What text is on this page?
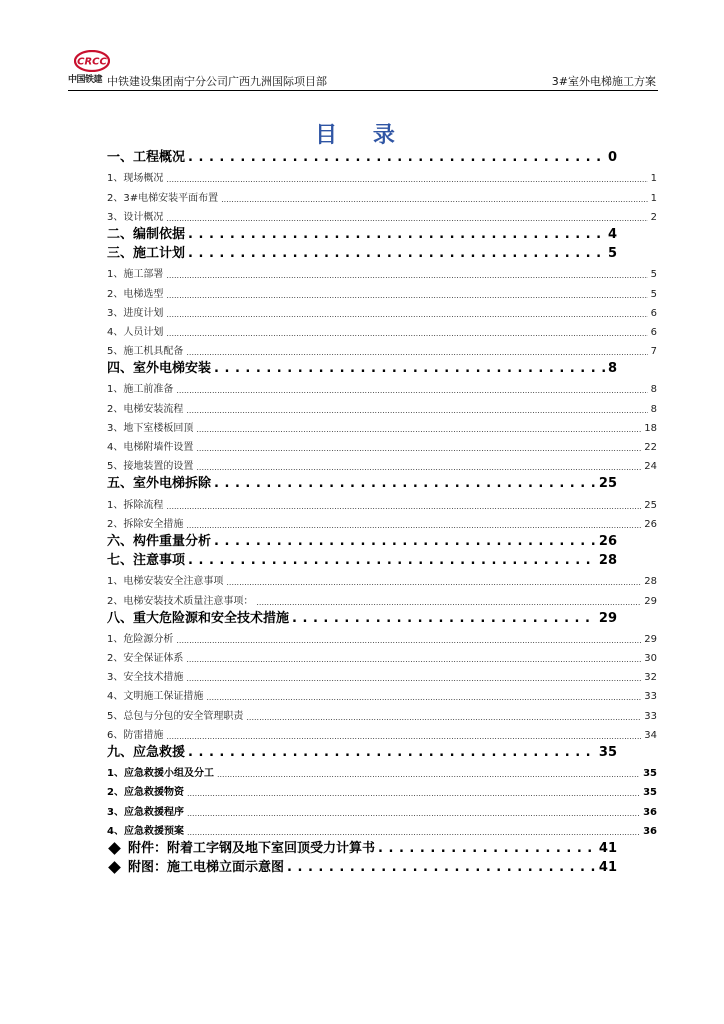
CRCC
中国铁建 中铁建设集团南宁分公司广西九洲国际项目部	3#室外电梯施工方案
目 录
一、工程概况 . . .	0
1、现场概况 .....	1
2、3#电梯安装平面布置 .....	1
3、设计概况 .....	2
二、编制依据 . . .	4
三、施工计划 . . .	5
1、施工部署 .....	5
2、电梯选型 .....	5
3、进度计划 .....	6
4、人员计划 .....	6
5、施工机具配备 .....	7
四、室外电梯安装 . . .	8
1、施工前准备 .....	8
2、电梯安装流程 .....	8
3、地下室楼板回顶 .....	18
4、电梯附墙件设置 .....	22
5、接地装置的设置 .....	24
五、室外电梯拆除 . . .	25
1、拆除流程 .....	25
2、拆除安全措施 .....	26
六、构件重量分析 . . .	26
七、注意事项 . . .	28
1、电梯安装安全注意事项 .....	28
2、电梯安装技术质量注意事项： .....	29
八、重大危险源和安全技术措施 . . .	29
1、危险源分析 .....	29
2、安全保证体系 .....	30
3、安全技术措施 .....	32
4、文明施工保证措施 .....	33
5、总包与分包的安全管理职责 .....	33
6、防雷措施 .....	34
九、应急救援 . . .	35
1、应急救援小组及分工 .....	35
2、应急救援物资 .....	35
3、应急救援程序 .....	36
4、应急救援预案 .....	36
附件：附着工字钢及地下室回顶受力计算书 . . .	41
附图：施工电梯立面示意图 . . .	41
